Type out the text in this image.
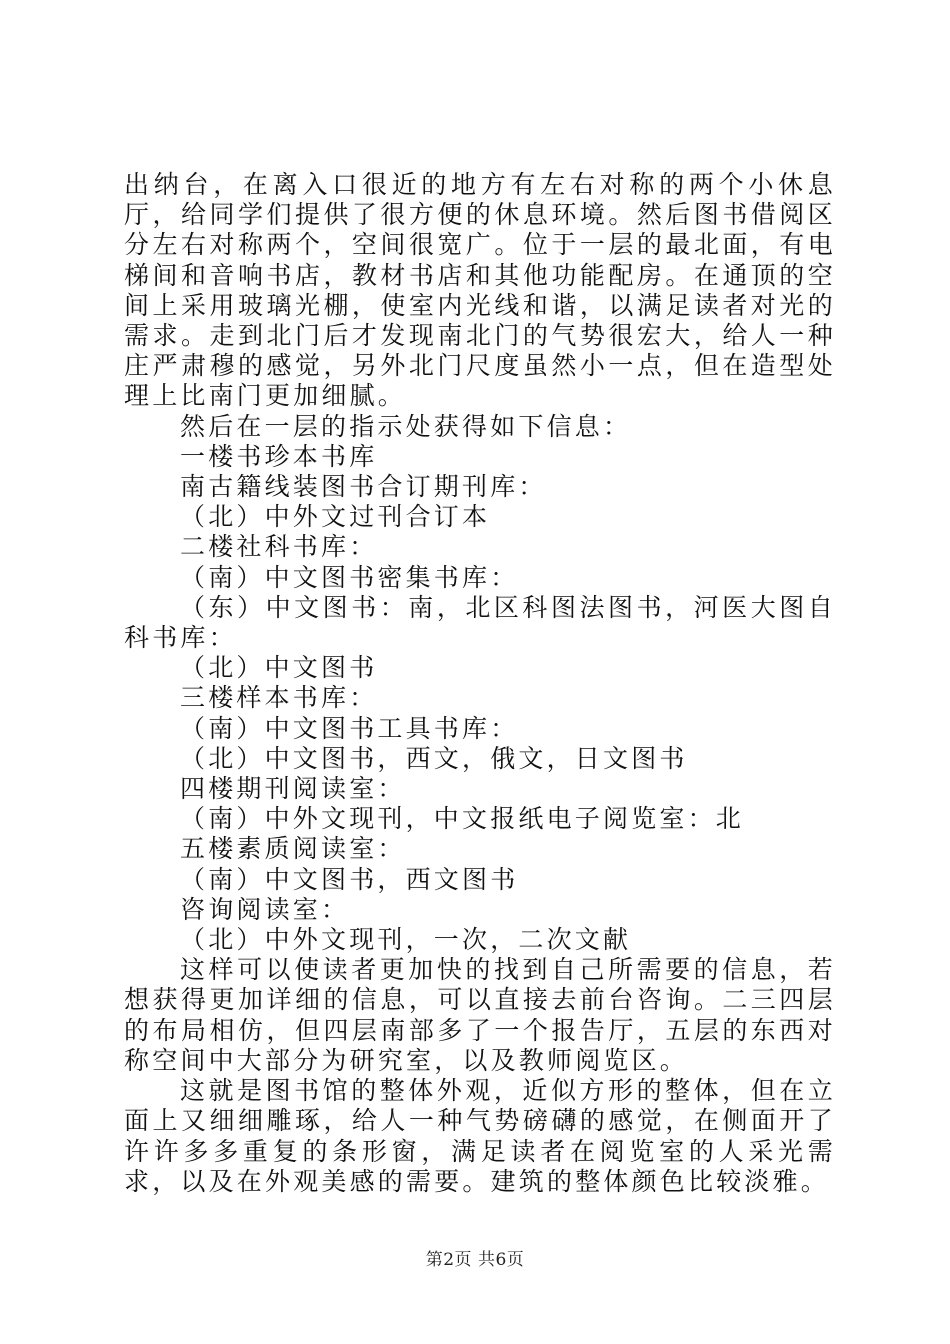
出纳台，在离入口很近的地方有左右对称的两个小休息厅，给同学们提供了很方便的休息环境。然后图书借阅区分左右对称两个，空间很宽广。位于一层的最北面，有电梯间和音响书店，教材书店和其他功能配房。在通顶的空间上采用玻璃光棚，使室内光线和谐，以满足读者对光的需求。走到北门后才发现南北门的气势很宏大，给人一种庄严肃穆的感觉，另外北门尺度虽然小一点，但在造型处理上比南门更加细腻。

然后在一层的指示处获得如下信息：

一楼书珍本书库

南古籍线装图书合订期刊库：

（北）中外文过刊合订本

二楼社科书库：

（南）中文图书密集书库：

（东）中文图书：南，北区科图法图书，河医大图自科书库：

（北）中文图书

三楼样本书库：

（南）中文图书工具书库：

（北）中文图书，西文，俄文，日文图书

四楼期刊阅读室：

（南）中外文现刊，中文报纸电子阅览室：北

五楼素质阅读室：

（南）中文图书，西文图书

咨询阅读室：

（北）中外文现刊，一次，二次文献

这样可以使读者更加快的找到自己所需要的信息，若想获得更加详细的信息，可以直接去前台咨询。二三四层的布局相仿，但四层南部多了一个报告厅，五层的东西对称空间中大部分为研究室，以及教师阅览区。

这就是图书馆的整体外观，近似方形的整体，但在立面上又细细雕琢，给人一种气势磅礴的感觉，在侧面开了许许多多重复的条形窗，满足读者在阅览室的人采光需求，以及在外观美感的需要。建筑的整体颜色比较淡雅。

第2页 共6页
